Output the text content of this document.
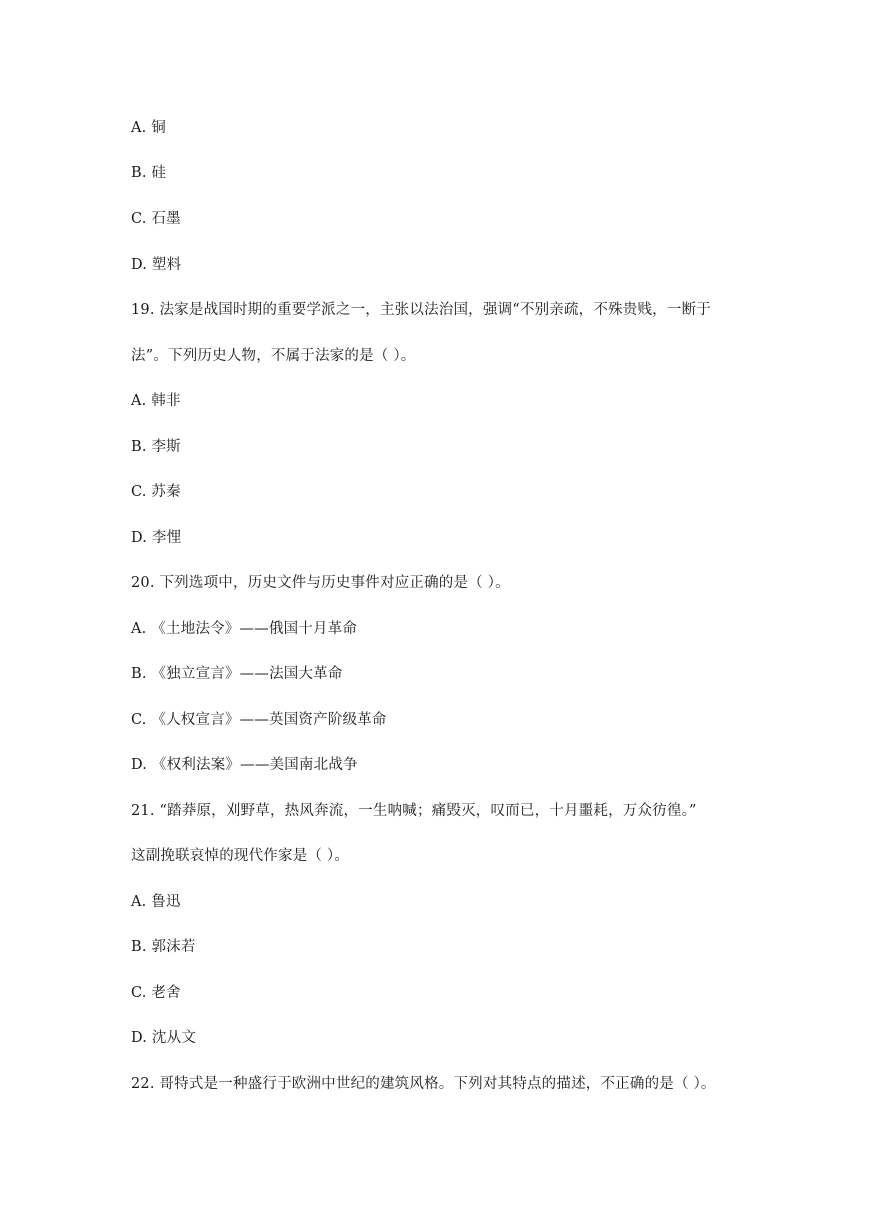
A. 铜
B. 硅
C. 石墨
D. 塑料
19. 法家是战国时期的重要学派之一，主张以法治国，强调“不别亲疏，不殊贵贱，一断于
法”。下列历史人物，不属于法家的是（ ）。
A. 韩非
B. 李斯
C. 苏秦
D. 李悝
20. 下列选项中，历史文件与历史事件对应正确的是（ ）。
A. 《土地法令》——俄国十月革命
B. 《独立宣言》——法国大革命
C. 《人权宣言》——英国资产阶级革命
D. 《权利法案》——美国南北战争
21. “踏莽原，刈野草，热风奔流，一生呐喊；痛毁灭，叹而已，十月噩耗，万众彷徨。”
这副挽联哀悼的现代作家是（ ）。
A. 鲁迅
B. 郭沫若
C. 老舍
D. 沈从文
22. 哥特式是一种盛行于欧洲中世纪的建筑风格。下列对其特点的描述，不正确的是（ ）。
